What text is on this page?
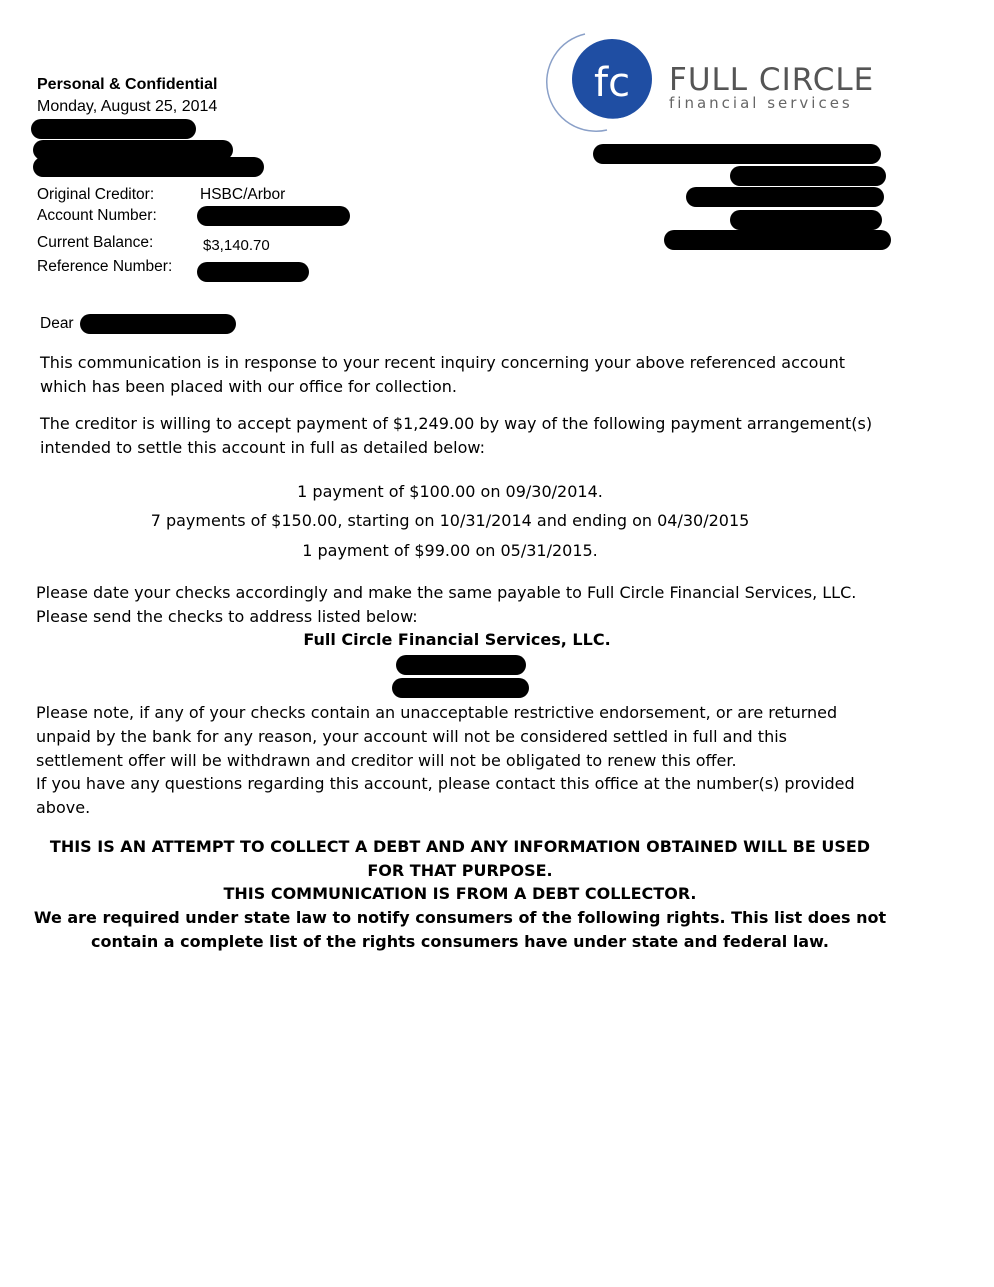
Personal & Confidential
Monday, August 25, 2014
fc FULL CIRCLE
financial services
Original Creditor:	HSBC/Arbor
Account Number:
Current Balance:	$3,140.70
Reference Number:
Dear
This communication is in response to your recent inquiry concerning your above referenced account which has been placed with our office for collection.
The creditor is willing to accept payment of $1,249.00 by way of the following payment arrangement(s) intended to settle this account in full as detailed below:
1 payment of $100.00 on 09/30/2014.
7 payments of $150.00, starting on 10/31/2014 and ending on 04/30/2015
1 payment of $99.00 on 05/31/2015.
Please date your checks accordingly and make the same payable to Full Circle Financial Services, LLC.
Please send the checks to address listed below:
Full Circle Financial Services, LLC.
Please note, if any of your checks contain an unacceptable restrictive endorsement, or are returned unpaid by the bank for any reason, your account will not be considered settled in full and this settlement offer will be withdrawn and creditor will not be obligated to renew this offer.
If you have any questions regarding this account, please contact this office at the number(s) provided above.
THIS IS AN ATTEMPT TO COLLECT A DEBT AND ANY INFORMATION OBTAINED WILL BE USED FOR THAT PURPOSE.
THIS COMMUNICATION IS FROM A DEBT COLLECTOR.
We are required under state law to notify consumers of the following rights. This list does not contain a complete list of the rights consumers have under state and federal law.
